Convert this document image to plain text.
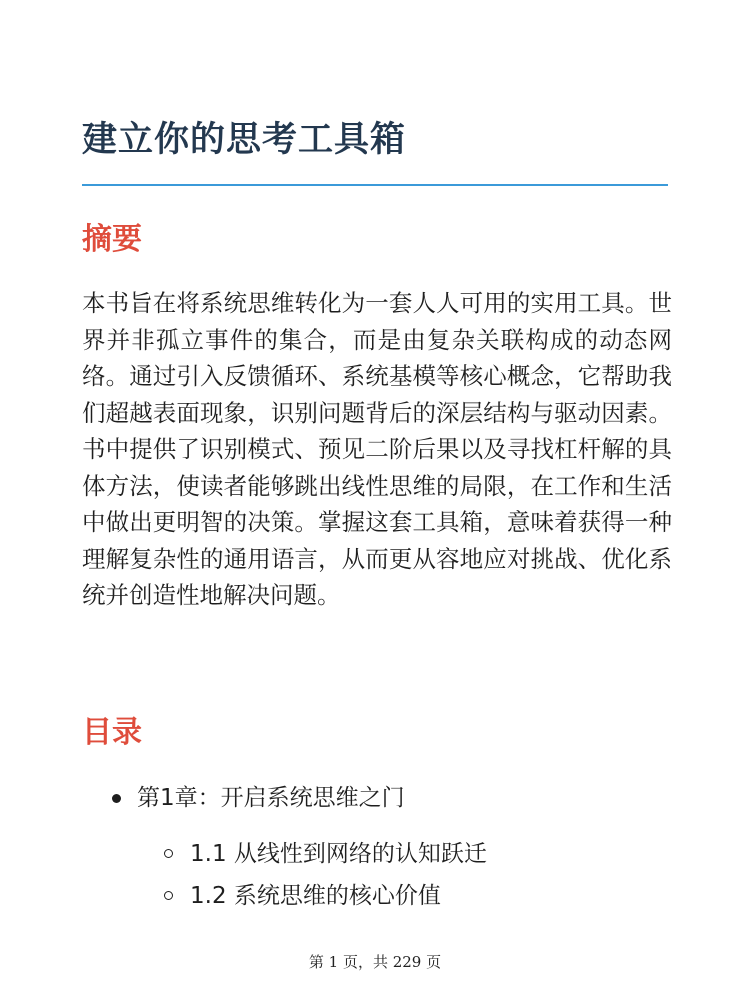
建立你的思考工具箱
摘要

本书旨在将系统思维转化为一套人人可用的实用工具。世界并非孤立事件的集合，而是由复杂关联构成的动态网络。通过引入反馈循环、系统基模等核心概念，它帮助我们超越表面现象，识别问题背后的深层结构与驱动因素。书中提供了识别模式、预见二阶后果以及寻找杠杆解的具体方法，使读者能够跳出线性思维的局限，在工作和生活中做出更明智的决策。掌握这套工具箱，意味着获得一种理解复杂性的通用语言，从而更从容地应对挑战、优化系统并创造性地解决问题。

目录
第1章：开启系统思维之门
1.1 从线性到网络的认知跃迁
1.2 系统思维的核心价值
第 1 页，共 229 页
